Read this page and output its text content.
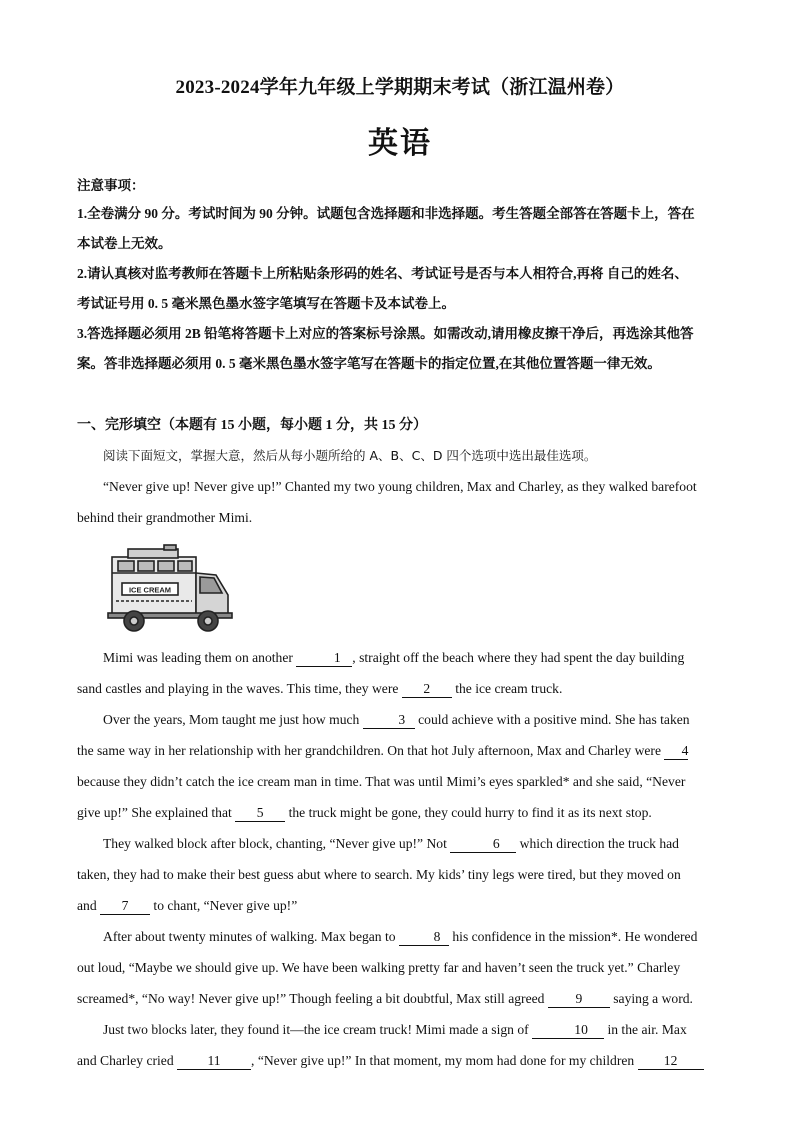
2023-2024学年九年级上学期期末考试（浙江温州卷）
英语

注意事项：

1.全卷满分 90 分。考试时间为 90 分钟。试题包含选择题和非选择题。考生答题全部答在答题卡上，答在

本试卷上无效。

2.请认真核对监考教师在答题卡上所粘贴条形码的姓名、考试证号是否与本人相符合,再将 自己的姓名、

考试证号用 0. 5 毫米黑色墨水签字笔填写在答题卡及本试卷上。

3.答选择题必须用 2B 铅笔将答题卡上对应的答案标号涂黑。如需改动,请用橡皮擦干净后，再选涂其他答

案。答非选择题必须用 0. 5 毫米黑色墨水签字笔写在答题卡的指定位置,在其他位置答题一律无效。

一、完形填空（本题有 15 小题，每小题 1 分，共 15 分）

阅读下面短文，掌握大意，然后从每小题所给的 A、B、C、D 四个选项中选出最佳选项。

“Never give up! Never give up!” Chanted my two young children, Max and Charley, as they walked barefoot

behind their grandmother Mimi.

ICE CREAM

Mimi was leading them on another	1 , straight off the beach where they had spent the day building

sand castles and playing in the waves. This time, they were 2 the ice cream truck.

Over the years, Mom taught me just how much	3 could achieve with a positive mind. She has taken

the same way in her relationship with her grandchildren. On that hot July afternoon, Max and Charley were 4

because they didn’t catch the ice cream man in time. That was until Mimi’s eyes sparkled* and she said, “Never

give up!” She explained that 5 the truck might be gone, they could hurry to find it as its next stop.

They walked block after block, chanting, “Never give up!” Not	6 which direction the truck had

taken, they had to make their best guess abut where to search. My kids’ tiny legs were tired, but they moved on

and 7 to chant, “Never give up!”

After about twenty minutes of walking. Max began to	8 his confidence in the mission*. He wondered

out loud, “Maybe we should give up. We have been walking pretty far and haven’t seen the truck yet.” Charley

screamed*, “No way! Never give up!” Though feeling a bit doubtful, Max still agreed 9 saying a word.

Just two blocks later, they found it—the ice cream truck! Mimi made a sign of	10 in the air. Max

and Charley cried 11 , “Never give up!” In that moment, my mom had done for my children 12
